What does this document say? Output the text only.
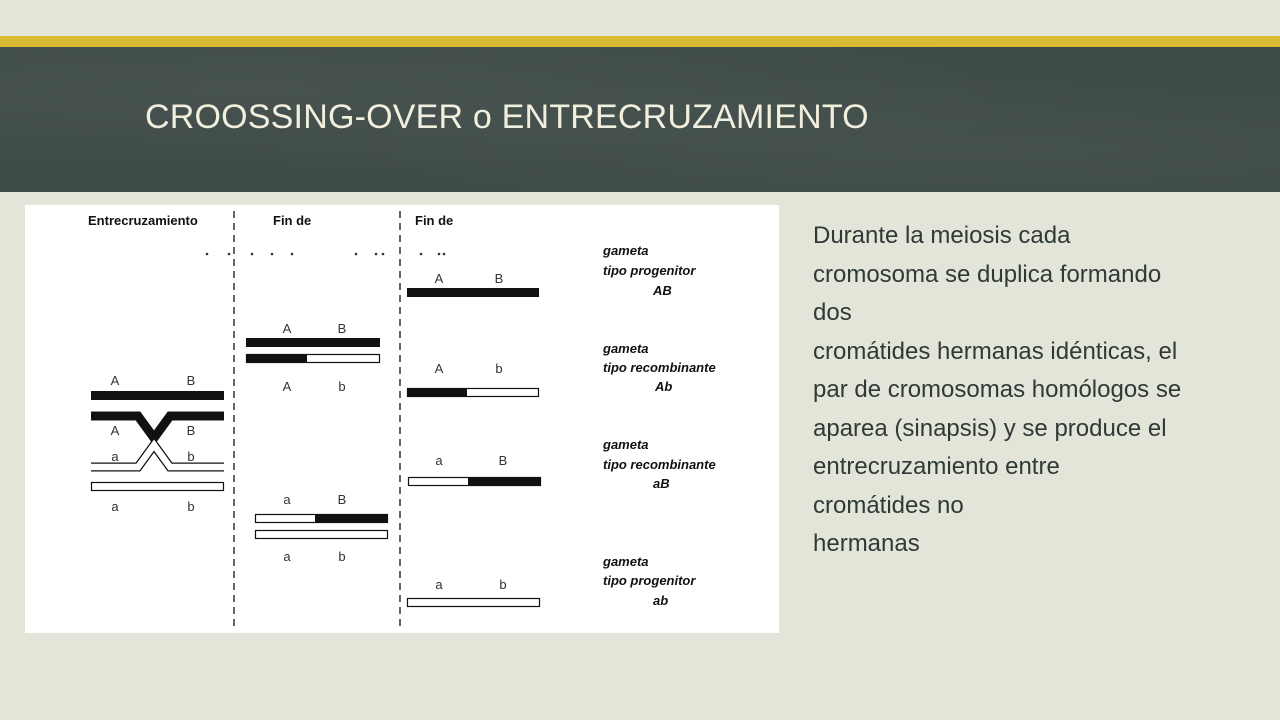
CROOSSING-OVER o ENTRECRUZAMIENTO
Entrecruzamiento	Fin de	Fin de
A	B
A	B
a	b
a	b
A	B
A	b
a	B
a	b
A	B
gameta
tipo progenitor
AB
A	b
gameta
tipo recombinante
Ab
a	B
gameta
tipo recombinante
aB
a	b
gameta
tipo progenitor
ab

Durante la meiosis cada
cromosoma se duplica formando
dos
cromátides hermanas idénticas, el
par de cromosomas homólogos se
aparea (sinapsis) y se produce el
entrecruzamiento entre
cromátides no
hermanas
